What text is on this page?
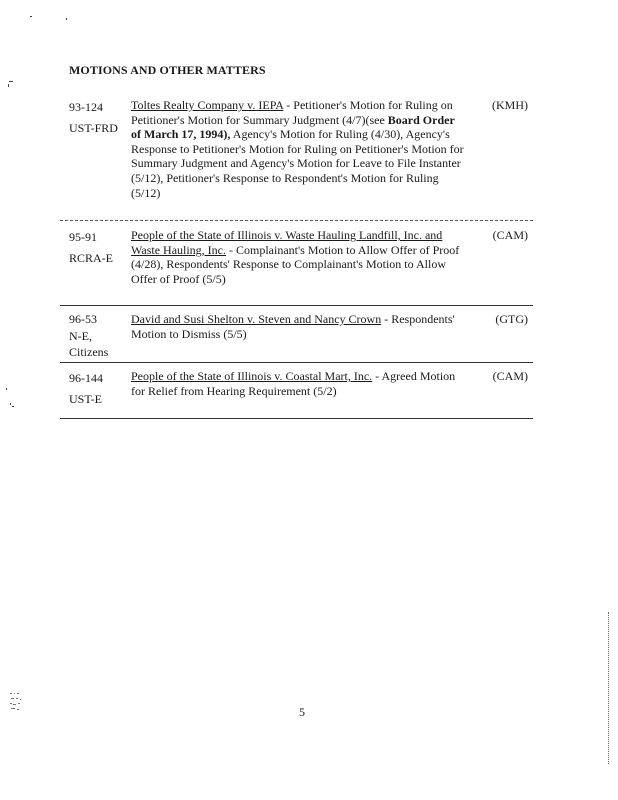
MOTIONS AND OTHER MATTERS
93-124
UST-FRD
Toltes Realty Company v. IEPA - Petitioner's Motion for Ruling on Petitioner's Motion for Summary Judgment (4/7)(see Board Order of March 17, 1994), Agency's Motion for Ruling (4/30), Agency's Response to Petitioner's Motion for Ruling on Petitioner's Motion for Summary Judgment and Agency's Motion for Leave to File Instanter (5/12), Petitioner's Response to Respondent's Motion for Ruling (5/12)
(KMH)
95-91
RCRA-E
People of the State of Illinois v. Waste Hauling Landfill, Inc. and Waste Hauling, Inc. - Complainant's Motion to Allow Offer of Proof (4/28), Respondents' Response to Complainant's Motion to Allow Offer of Proof (5/5)
(CAM)
96-53
N-E,
Citizens
David and Susi Shelton v. Steven and Nancy Crown - Respondents' Motion to Dismiss (5/5)
(GTG)
96-144
UST-E
People of the State of Illinois v. Coastal Mart, Inc. - Agreed Motion for Relief from Hearing Requirement (5/2)
(CAM)
5
